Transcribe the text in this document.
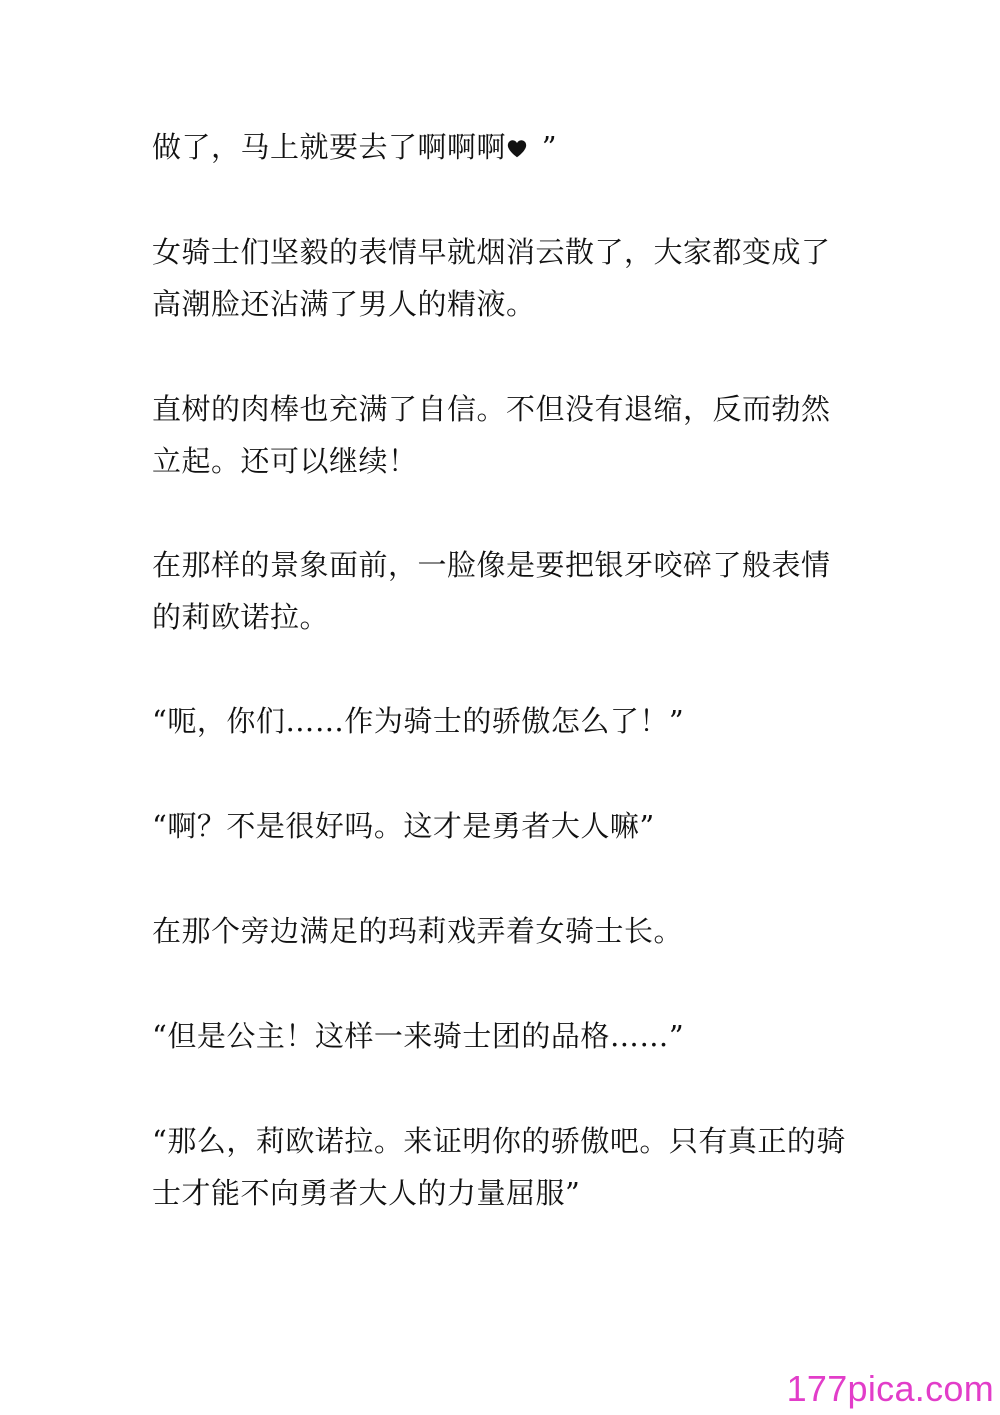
做了，马上就要去了啊啊啊
”

女骑士们坚毅的表情早就烟消云散了，大家都变成了高潮脸还沾满了男人的精液。

直树的肉棒也充满了自信。不但没有退缩，反而勃然立起。还可以继续！

在那样的景象面前，一脸像是要把银牙咬碎了般表情的莉欧诺拉。

“呃，你们……作为骑士的骄傲怎么了！”

“啊？不是很好吗。这才是勇者大人嘛”

在那个旁边满足的玛莉戏弄着女骑士长。

“但是公主！这样一来骑士团的品格……”

“那么，莉欧诺拉。来证明你的骄傲吧。只有真正的骑士才能不向勇者大人的力量屈服”

177pica.com
